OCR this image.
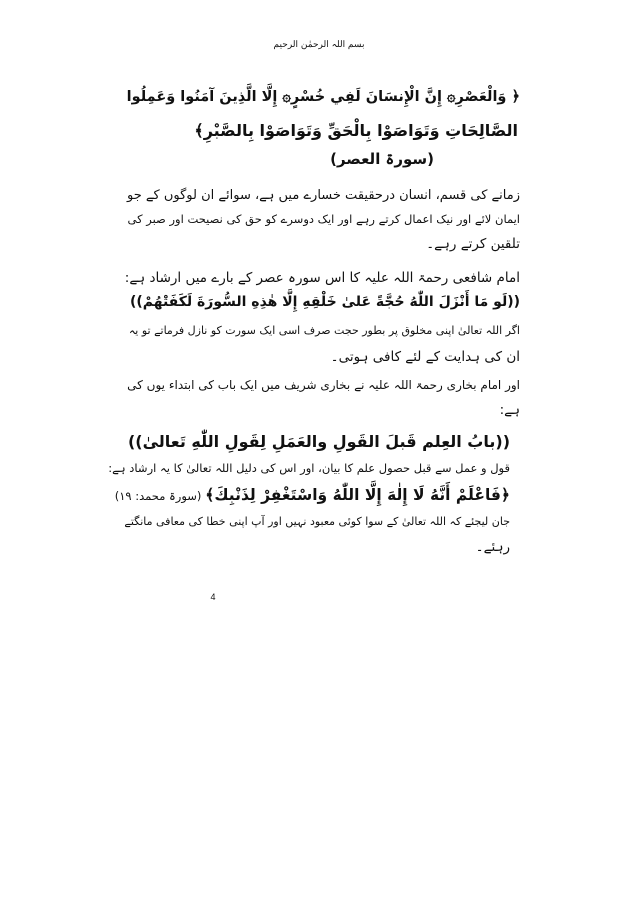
بسم اللہ الرحمٰن الرحیم
﴿ وَالْعَصْرِ۞ إِنَّ الْإِنسَانَ لَفِي خُسْرٍ۞ إِلَّا الَّذِينَ آمَنُوا وَعَمِلُوا
الصَّالِحَاتِ وَتَوَاصَوْا بِالْحَقِّ وَتَوَاصَوْا بِالصَّبْرِ﴾
(سورۃ العصر)
زمانے کی قسم، انسان درحقیقت خسارے میں ہے، سوائے ان لوگوں کے جو
ایمان لائے اور نیک اعمال کرتے رہے اور ایک دوسرے کو حق کی نصیحت اور صبر کی
تلقین کرتے رہے۔
امام شافعی رحمۃ اللہ علیہ کا اس سورہ عصر کے بارے میں ارشاد ہے:
((لَو مَا أَنْزَلَ اللّٰهُ حُجَّةً عَلىٰ خَلْقِهِ إِلَّا هٰذِهِ السُّورَةَ لَكَفَتْهُمْ))
اگر اللہ تعالیٰ اپنی مخلوق پر بطور حجت صرف اسی ایک سورت کو نازل فرماتے تو یہ
ان کی ہدایت کے لئے کافی ہوتی۔
اور امام بخاری رحمۃ اللہ علیہ نے بخاری شریف میں ایک باب کی ابتداء یوں کی
ہے:
((بابُ العِلم قَبلَ القَولِ والعَمَلِ لِقَولِ اللّٰهِ تَعالىٰ))
قول و عمل سے قبل حصول علم کا بیان، اور اس کی دلیل اللہ تعالیٰ کا یہ ارشاد ہے:
﴿فَاعْلَمْ أَنَّهُ لَا إِلٰهَ إِلَّا اللّٰهُ وَاسْتَغْفِرْ لِذَنْبِكَ﴾ (سورۃ محمد: ۱۹)
جان لیجئے کہ اللہ تعالیٰ کے سوا کوئی معبود نہیں اور آپ اپنی خطا کی معافی مانگتے
رہئے۔
4
